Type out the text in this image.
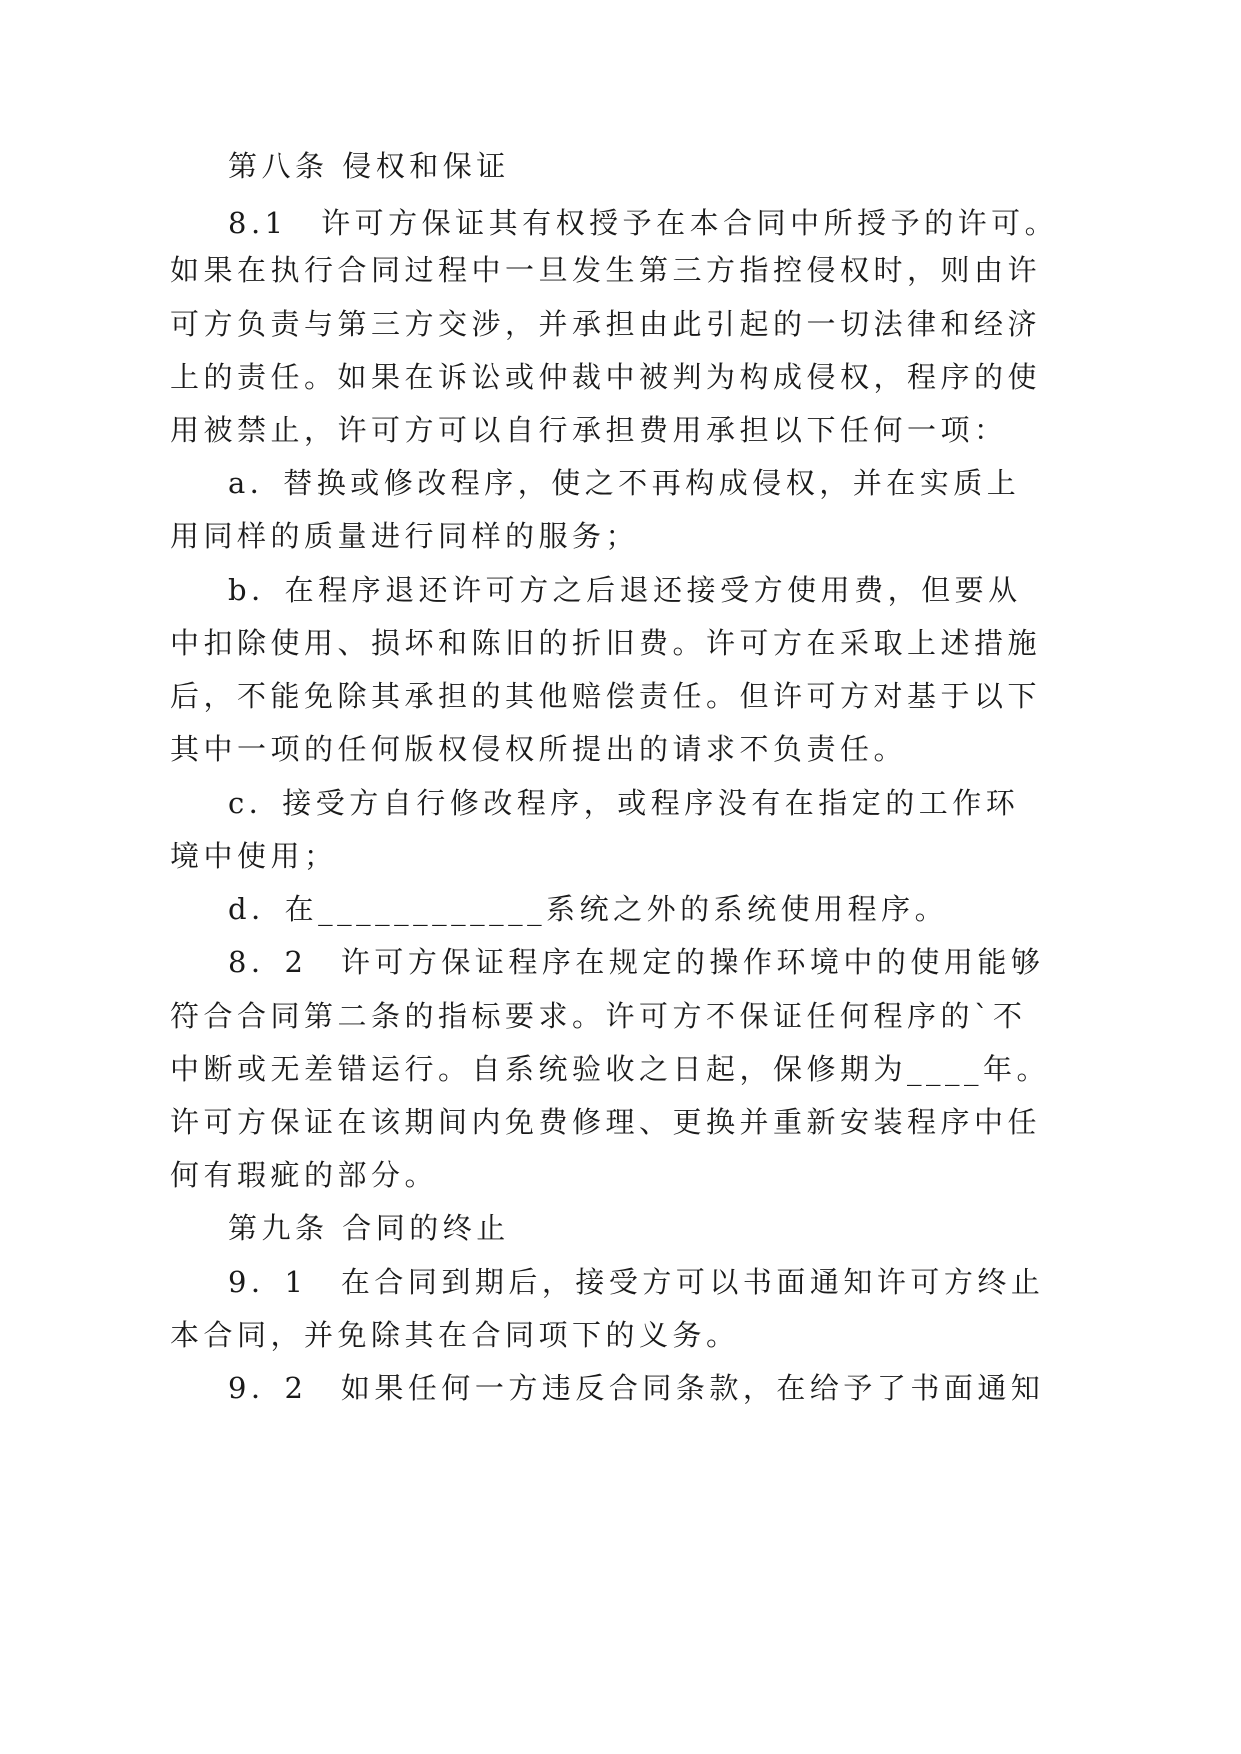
第八条 侵权和保证
8.1　许可方保证其有权授予在本合同中所授予的许可。
如果在执行合同过程中一旦发生第三方指控侵权时，则由许
可方负责与第三方交涉，并承担由此引起的一切法律和经济
上的责任。如果在诉讼或仲裁中被判为构成侵权，程序的使
用被禁止，许可方可以自行承担费用承担以下任何一项：
a．替换或修改程序，使之不再构成侵权，并在实质上
用同样的质量进行同样的服务；
b．在程序退还许可方之后退还接受方使用费，但要从
中扣除使用、损坏和陈旧的折旧费。许可方在采取上述措施
后，不能免除其承担的其他赔偿责任。但许可方对基于以下
其中一项的任何版权侵权所提出的请求不负责任。
c．接受方自行修改程序，或程序没有在指定的工作环
境中使用；
d．在____________系统之外的系统使用程序。
8．2　许可方保证程序在规定的操作环境中的使用能够
符合合同第二条的指标要求。许可方不保证任何程序的`不
中断或无差错运行。自系统验收之日起，保修期为____年。
许可方保证在该期间内免费修理、更换并重新安装程序中任
何有瑕疵的部分。
第九条 合同的终止
9．1　在合同到期后，接受方可以书面通知许可方终止
本合同，并免除其在合同项下的义务。
9．2　如果任何一方违反合同条款，在给予了书面通知
